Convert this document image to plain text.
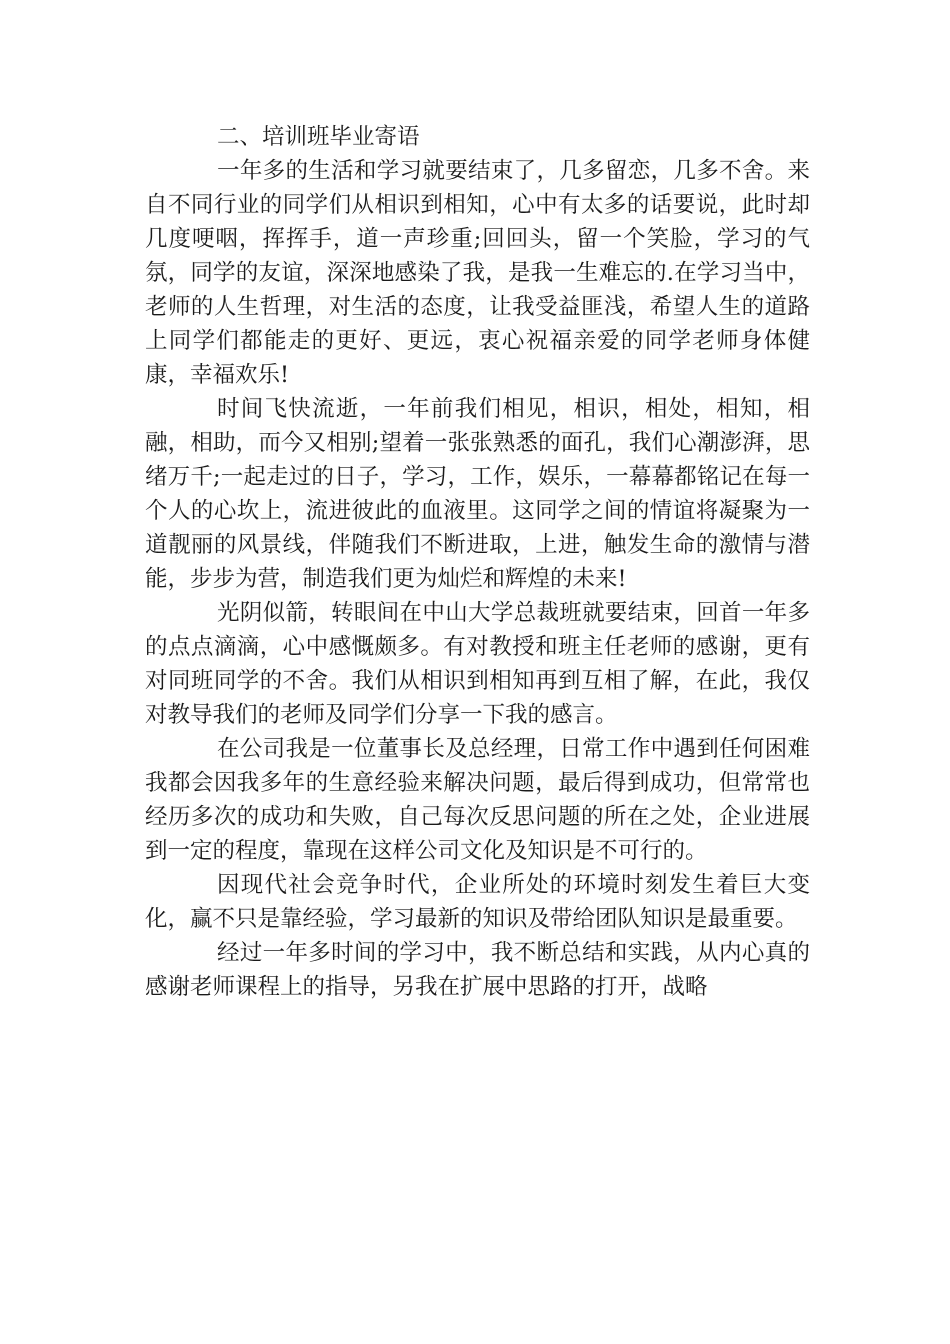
二、培训班毕业寄语

一年多的生活和学习就要结束了，几多留恋，几多不舍。来自不同行业的同学们从相识到相知，心中有太多的话要说，此时却几度哽咽，挥挥手，道一声珍重;回回头，留一个笑脸，学习的气氛，同学的友谊，深深地感染了我，是我一生难忘的.在学习当中，老师的人生哲理，对生活的态度，让我受益匪浅，希望人生的道路上同学们都能走的更好、更远，衷心祝福亲爱的同学老师身体健康，幸福欢乐!

时间飞快流逝，一年前我们相见，相识，相处，相知，相融，相助，而今又相别;望着一张张熟悉的面孔，我们心潮澎湃，思绪万千;一起走过的日子，学习，工作，娱乐，一幕幕都铭记在每一个人的心坎上，流进彼此的血液里。这同学之间的情谊将凝聚为一道靓丽的风景线，伴随我们不断进取，上进，触发生命的激情与潜能，步步为营，制造我们更为灿烂和辉煌的未来!

光阴似箭，转眼间在中山大学总裁班就要结束，回首一年多的点点滴滴，心中感慨颇多。有对教授和班主任老师的感谢，更有对同班同学的不舍。我们从相识到相知再到互相了解，在此，我仅对教导我们的老师及同学们分享一下我的感言。

在公司我是一位董事长及总经理，日常工作中遇到任何困难我都会因我多年的生意经验来解决问题，最后得到成功，但常常也经历多次的成功和失败，自己每次反思问题的所在之处，企业进展到一定的程度，靠现在这样公司文化及知识是不可行的。

因现代社会竞争时代，企业所处的环境时刻发生着巨大变化，赢不只是靠经验，学习最新的知识及带给团队知识是最重要。

经过一年多时间的学习中，我不断总结和实践，从内心真的感谢老师课程上的指导，另我在扩展中思路的打开，战略
